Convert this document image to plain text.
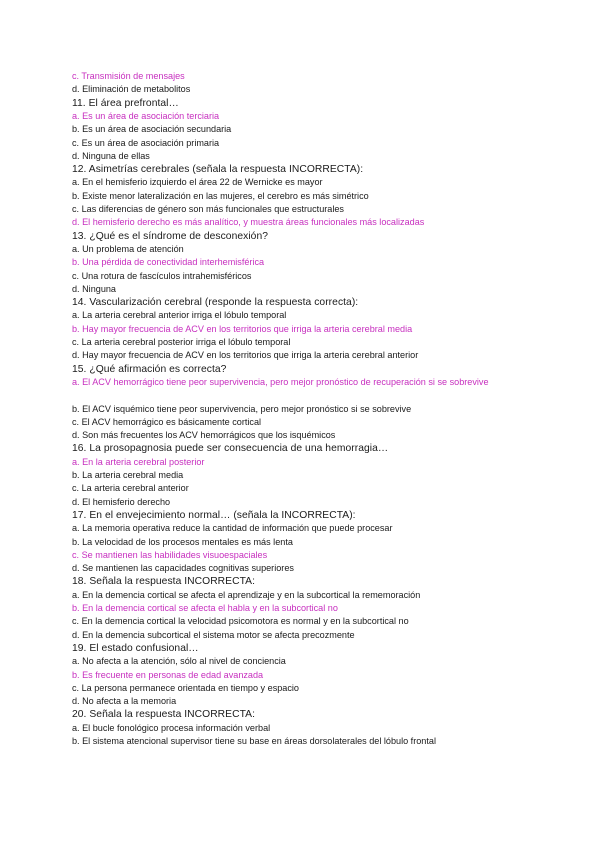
c. Transmisión de mensajes
d. Eliminación de metabolitos
11. El área prefrontal…
a. Es un área de asociación terciaria
b. Es un área de asociación secundaria
c. Es un área de asociación primaria
d. Ninguna de ellas
12. Asimetrías cerebrales (señala la respuesta INCORRECTA):
a. En el hemisferio izquierdo el área 22 de Wernicke es mayor
b. Existe menor lateralización en las mujeres, el cerebro es más simétrico
c. Las diferencias de género son más funcionales que estructurales
d. El hemisferio derecho es más analítico, y muestra áreas funcionales más localizadas
13. ¿Qué es el síndrome de desconexión?
a. Un problema de atención
b. Una pérdida de conectividad interhemisférica
c. Una rotura de fascículos intrahemisféricos
d. Ninguna
14. Vascularización cerebral (responde la respuesta correcta):
a. La arteria cerebral anterior irriga el lóbulo temporal
b. Hay mayor frecuencia de ACV en los territorios que irriga la arteria cerebral media
c. La arteria cerebral posterior irriga el lóbulo temporal
d. Hay mayor frecuencia de ACV en los territorios que irriga la arteria cerebral anterior
15. ¿Qué afirmación es correcta?
a. El ACV hemorrágico tiene peor supervivencia, pero mejor pronóstico de recuperación si se sobrevive
b. El ACV isquémico tiene peor supervivencia, pero mejor pronóstico si se sobrevive
c. El ACV hemorrágico es básicamente cortical
d. Son más frecuentes los ACV hemorrágicos que los isquémicos
16. La prosopagnosia puede ser consecuencia de una hemorragia…
a. En la arteria cerebral posterior
b. La arteria cerebral media
c. La arteria cerebral anterior
d. El hemisferio derecho
17. En el envejecimiento normal… (señala la INCORRECTA):
a. La memoria operativa reduce la cantidad de información que puede procesar
b. La velocidad de los procesos mentales es más lenta
c. Se mantienen las habilidades visuoespaciales
d. Se mantienen las capacidades cognitivas superiores
18. Señala la respuesta INCORRECTA:
a. En la demencia cortical se afecta el aprendizaje y en la subcortical la rememoración
b. En la demencia cortical se afecta el habla y en la subcortical no
c. En la demencia cortical la velocidad psicomotora es normal y en la subcortical no
d. En la demencia subcortical el sistema motor se afecta precozmente
19. El estado confusional…
a. No afecta a la atención, sólo al nivel de conciencia
b. Es frecuente en personas de edad avanzada
c. La persona permanece orientada en tiempo y espacio
d. No afecta a la memoria
20. Señala la respuesta INCORRECTA:
a. El bucle fonológico procesa información verbal
b. El sistema atencional supervisor tiene su base en áreas dorsolaterales del lóbulo frontal
